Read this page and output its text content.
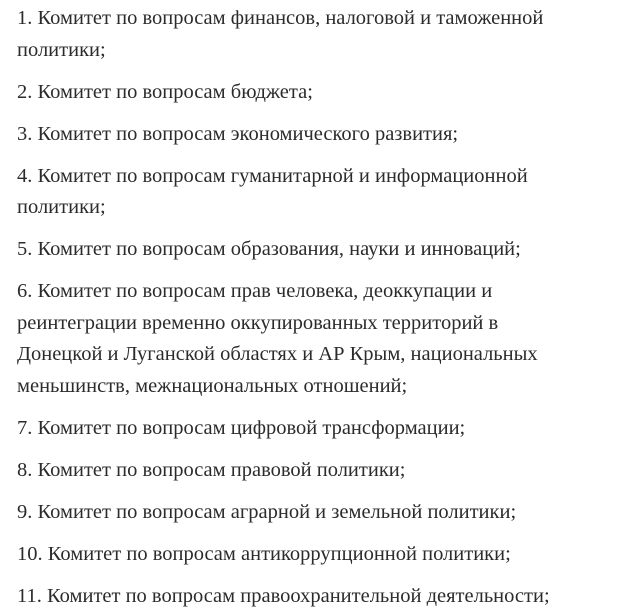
1. Комитет по вопросам финансов, налоговой и таможенной
политики;

2. Комитет по вопросам бюджета;

3. Комитет по вопросам экономического развития;

4. Комитет по вопросам гуманитарной и информационной
политики;

5. Комитет по вопросам образования, науки и инноваций;

6. Комитет по вопросам прав человека, деоккупации и
реинтеграции временно оккупированных территорий в
Донецкой и Луганской областях и АР Крым, национальных
меньшинств, межнациональных отношений;

7. Комитет по вопросам цифровой трансформации;

8. Комитет по вопросам правовой политики;

9. Комитет по вопросам аграрной и земельной политики;

10. Комитет по вопросам антикоррупционной политики;

11. Комитет по вопросам правоохранительной деятельности;
